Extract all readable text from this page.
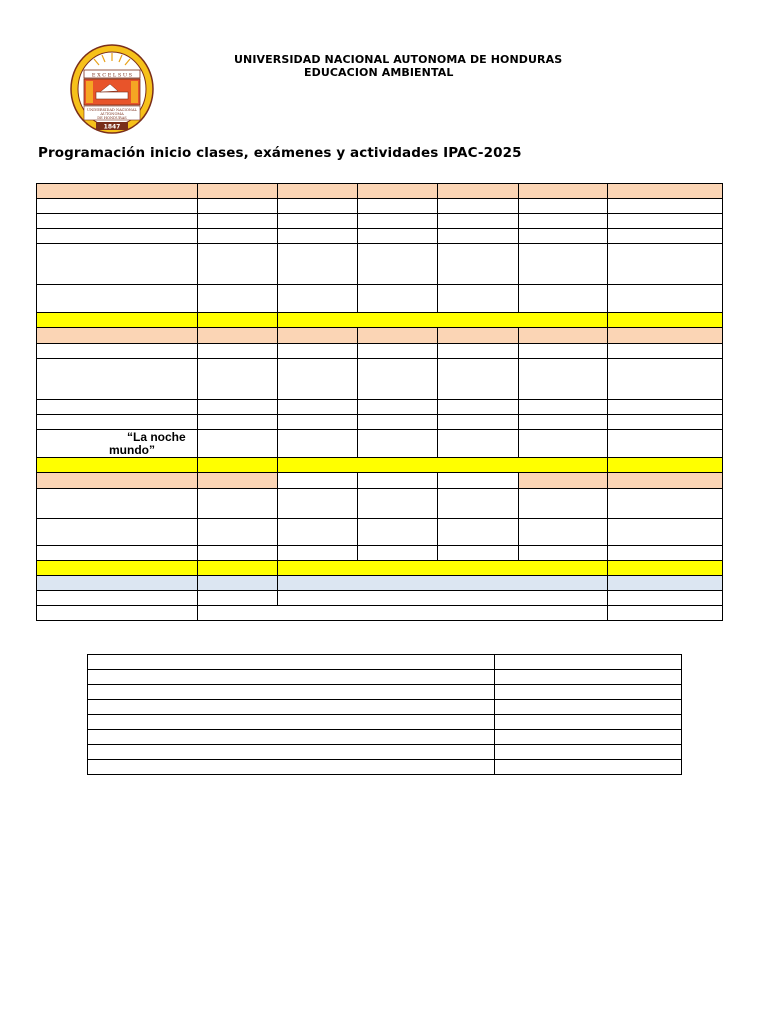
E X C E L S U S
UNIVERSIDAD NACIONAL
AUTONOMA
DE HONDURAS
1847
UNIVERSIDAD NACIONAL AUTONOMA DE HONDURAS
EDUCACION AMBIENTAL
Programación inicio clases, exámenes y actividades IPAC-2025

“La noche
mundo”						
